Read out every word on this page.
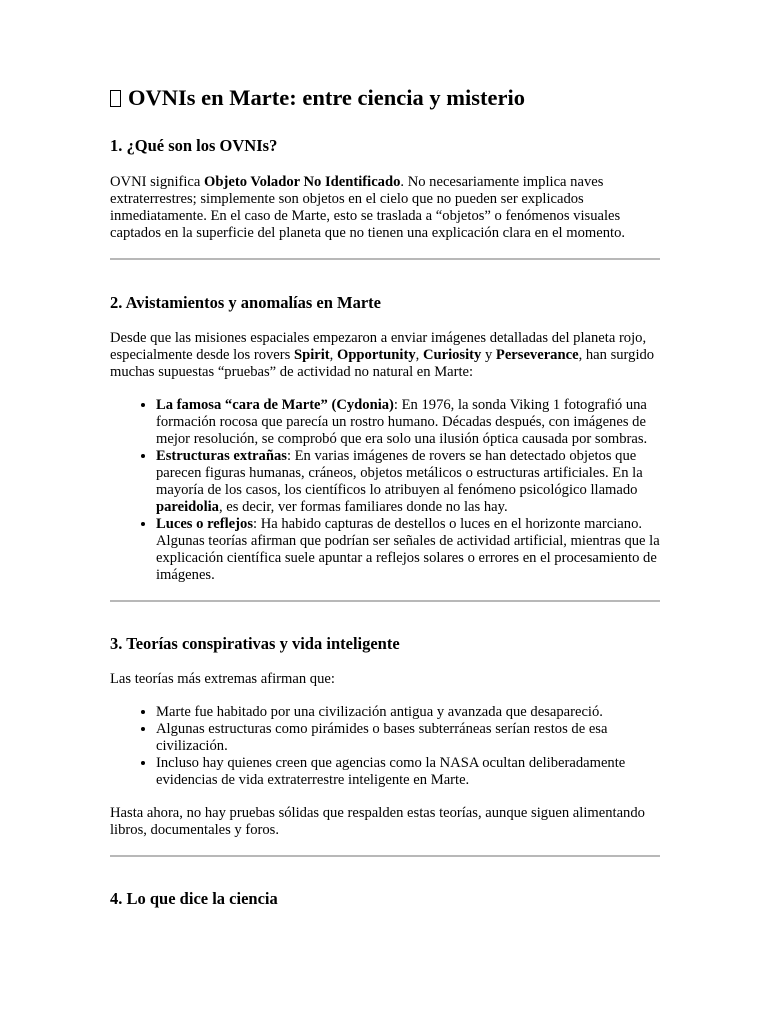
OVNIs en Marte: entre ciencia y misterio
1. ¿Qué son los OVNIs?

OVNI significa Objeto Volador No Identificado. No necesariamente implica naves extraterrestres; simplemente son objetos en el cielo que no pueden ser explicados inmediatamente. En el caso de Marte, esto se traslada a “objetos” o fenómenos visuales captados en la superficie del planeta que no tienen una explicación clara en el momento.

2. Avistamientos y anomalías en Marte

Desde que las misiones espaciales empezaron a enviar imágenes detalladas del planeta rojo, especialmente desde los rovers Spirit, Opportunity, Curiosity y Perseverance, han surgido muchas supuestas “pruebas” de actividad no natural en Marte:

• La famosa “cara de Marte” (Cydonia): En 1976, la sonda Viking 1 fotografió una formación rocosa que parecía un rostro humano. Décadas después, con imágenes de mejor resolución, se comprobó que era solo una ilusión óptica causada por sombras.
• Estructuras extrañas: En varias imágenes de rovers se han detectado objetos que parecen figuras humanas, cráneos, objetos metálicos o estructuras artificiales. En la mayoría de los casos, los científicos lo atribuyen al fenómeno psicológico llamado pareidolia, es decir, ver formas familiares donde no las hay.
• Luces o reflejos: Ha habido capturas de destellos o luces en el horizonte marciano. Algunas teorías afirman que podrían ser señales de actividad artificial, mientras que la explicación científica suele apuntar a reflejos solares o errores en el procesamiento de imágenes.
3. Teorías conspirativas y vida inteligente

Las teorías más extremas afirman que:

• Marte fue habitado por una civilización antigua y avanzada que desapareció.
• Algunas estructuras como pirámides o bases subterráneas serían restos de esa civilización.
• Incluso hay quienes creen que agencias como la NASA ocultan deliberadamente evidencias de vida extraterrestre inteligente en Marte.

Hasta ahora, no hay pruebas sólidas que respalden estas teorías, aunque siguen alimentando libros, documentales y foros.

4. Lo que dice la ciencia
